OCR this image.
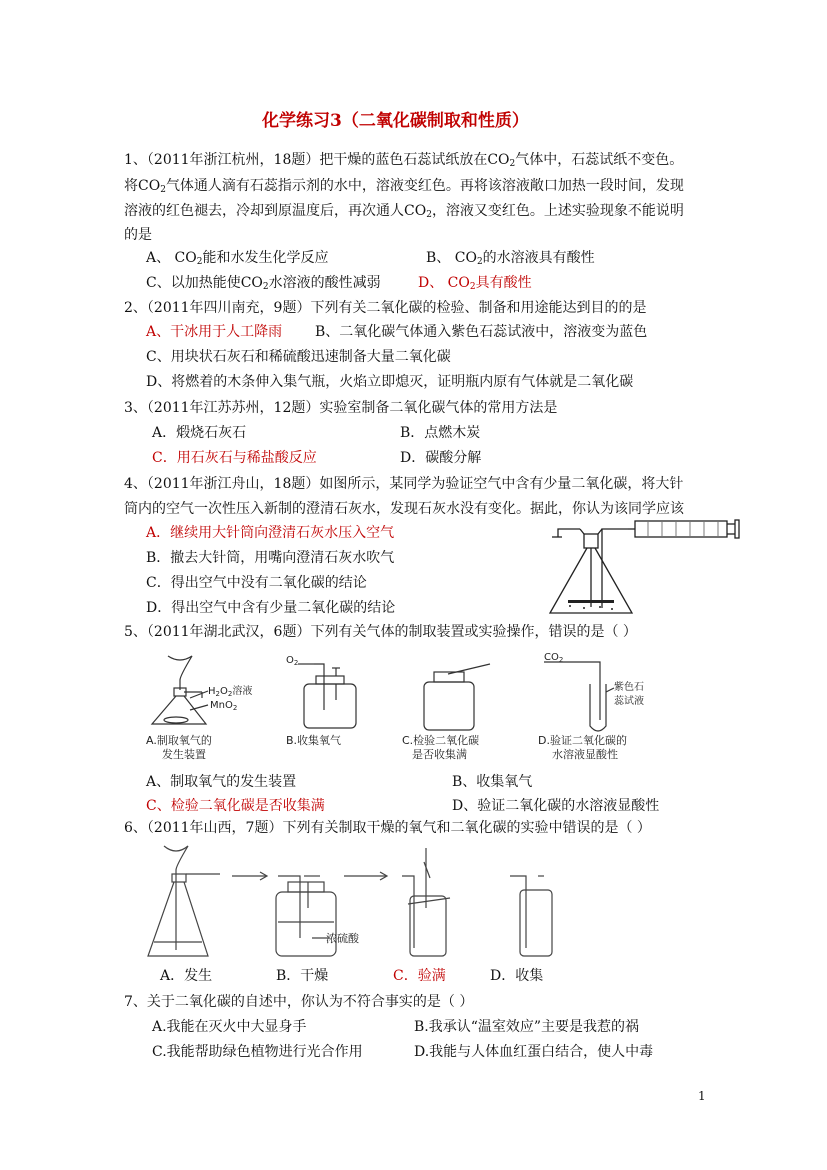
化学练习3（二氧化碳制取和性质）
1、（2011年浙江杭州，18题）把干燥的蓝色石蕊试纸放在$CO_2$气体中，石蕊试纸不变色。
将$CO_2$气体通人滴有石蕊指示剂的水中，溶液变红色。再将该溶液敞口加热一段时间，发现
溶液的红色褪去，冷却到原温度后，再次通人$CO_2$，溶液又变红色。上述实验现象不能说明
的是
A、 $CO_2$能和水发生化学反应	B、 $CO_2$的水溶液具有酸性
C、以加热能使$CO_2$水溶液的酸性减弱	D、 $CO_2$具有酸性
2、（2011年四川南充，9题）下列有关二氧化碳的检验、制备和用途能达到目的的是
A、干冰用于人工降雨 B、二氧化碳气体通入紫色石蕊试液中，溶液变为蓝色
C、用块状石灰石和稀硫酸迅速制备大量二氧化碳
D、将燃着的木条伸入集气瓶，火焰立即熄灭，证明瓶内原有气体就是二氧化碳
3、（2011年江苏苏州，12题）实验室制备二氧化碳气体的常用方法是
A．煅烧石灰石	B．点燃木炭
C．用石灰石与稀盐酸反应	D．碳酸分解
4、（2011年浙江舟山，18题）如图所示，某同学为验证空气中含有少量二氧化碳，将大针
筒内的空气一次性压入新制的澄清石灰水，发现石灰水没有变化。据此，你认为该同学应该
A．继续用大针筒向澄清石灰水压入空气
B．撤去大针筒，用嘴向澄清石灰水吹气
C．得出空气中没有二氧化碳的结论
D．得出空气中含有少量二氧化碳的结论
5、（2011年湖北武汉，6题）下列有关气体的制取装置或实验操作，错误的是（ ）
$H_2O_2$溶液
MnO$_2$
A.制取氧气的
发生装置
$O_2$
B.收集氧气	C.检验二氧化碳
是否收集满
$CO_2$
紫色石
蕊试液
D.验证二氧化碳的
水溶液显酸性
A、制取氧气的发生装置	B、收集氧气
C、检验二氧化碳是否收集满	D、验证二氧化碳的水溶液显酸性
6、（2011年山西，7题）下列有关制取干燥的氧气和二氧化碳的实验中错误的是（ ）
浓硫酸
A．发生	B．干燥	C．验满	D．收集
7、关于二氧化碳的自述中，你认为不符合事实的是（ ）
A.我能在灭火中大显身手	B.我承认“温室效应”主要是我惹的祸
C.我能帮助绿色植物进行光合作用	D.我能与人体血红蛋白结合，使人中毒
1
